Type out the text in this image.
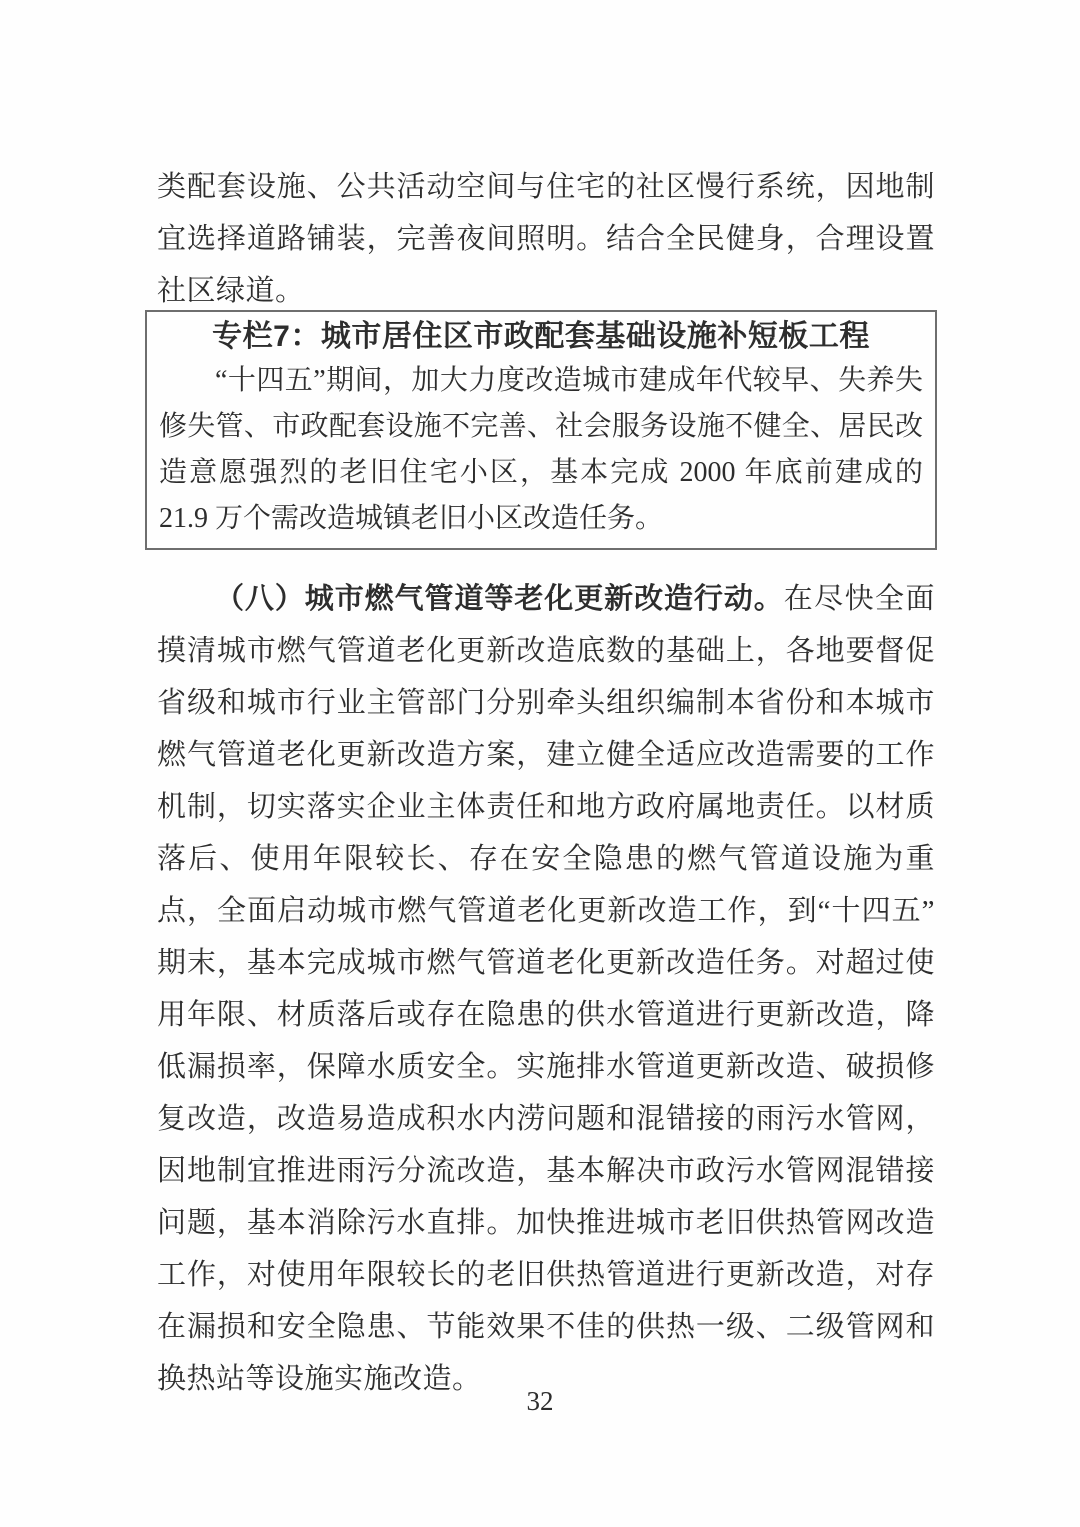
类配套设施、公共活动空间与住宅的社区慢行系统，因地制宜选择道路铺装，完善夜间照明。结合全民健身，合理设置社区绿道。

专栏7：城市居住区市政配套基础设施补短板工程

“十四五”期间，加大力度改造城市建成年代较早、失养失修失管、市政配套设施不完善、社会服务设施不健全、居民改造意愿强烈的老旧住宅小区，基本完成 2000 年底前建成的 21.9 万个需改造城镇老旧小区改造任务。

（八）城市燃气管道等老化更新改造行动。在尽快全面摸清城市燃气管道老化更新改造底数的基础上，各地要督促省级和城市行业主管部门分别牵头组织编制本省份和本城市燃气管道老化更新改造方案，建立健全适应改造需要的工作机制，切实落实企业主体责任和地方政府属地责任。以材质落后、使用年限较长、存在安全隐患的燃气管道设施为重点，全面启动城市燃气管道老化更新改造工作，到“十四五”期末，基本完成城市燃气管道老化更新改造任务。对超过使用年限、材质落后或存在隐患的供水管道进行更新改造，降低漏损率，保障水质安全。实施排水管道更新改造、破损修复改造，改造易造成积水内涝问题和混错接的雨污水管网，因地制宜推进雨污分流改造，基本解决市政污水管网混错接问题，基本消除污水直排。加快推进城市老旧供热管网改造工作，对使用年限较长的老旧供热管道进行更新改造，对存在漏损和安全隐患、节能效果不佳的供热一级、二级管网和换热站等设施实施改造。

32
